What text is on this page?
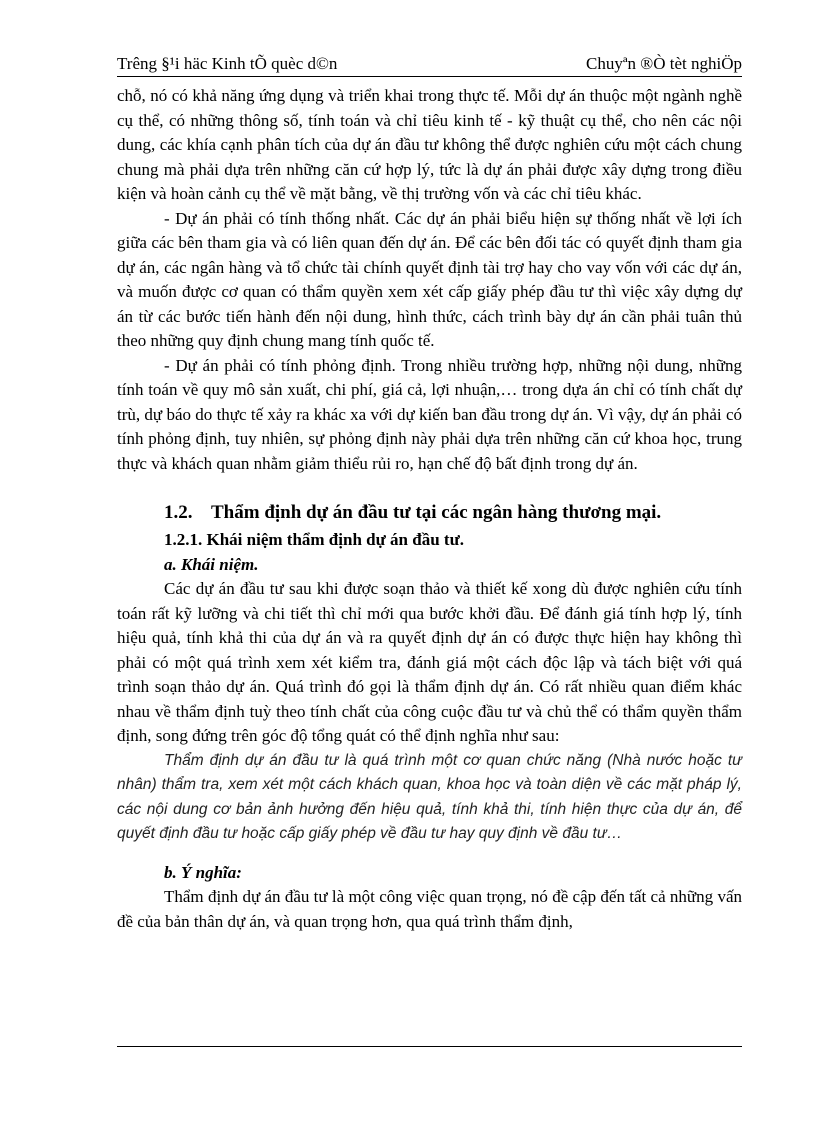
Trêng §¹i häc Kinh tÕ quèc d©n	Chuyªn ®Ò tèt nghiÖp

chỗ, nó có khả năng ứng dụng và triển khai trong thực tế. Mỗi dự án thuộc một ngành nghề cụ thể, có những thông số, tính toán và chỉ tiêu kinh tế - kỹ thuật cụ thể, cho nên các nội dung, các khía cạnh phân tích của dự án đầu tư không thể được nghiên cứu một cách chung chung mà phải dựa trên những căn cứ hợp lý, tức là dự án phải được xây dựng trong điều kiện và hoàn cảnh cụ thể về mặt bằng, về thị trường vốn và các chỉ tiêu khác.

- Dự án phải có tính thống nhất. Các dự án phải biểu hiện sự thống nhất về lợi ích giữa các bên tham gia và có liên quan đến dự án. Để các bên đối tác có quyết định tham gia dự án, các ngân hàng và tổ chức tài chính quyết định tài trợ hay cho vay vốn với các dự án, và muốn được cơ quan có thẩm quyền xem xét cấp giấy phép đầu tư thì việc xây dựng dự án từ các bước tiến hành đến nội dung, hình thức, cách trình bày dự án cần phải tuân thủ theo những quy định chung mang tính quốc tế.

- Dự án phải có tính phỏng định. Trong nhiều trường hợp, những nội dung, những tính toán về quy mô sản xuất, chi phí, giá cả, lợi nhuận,… trong dựa án chỉ có tính chất dự trù, dự báo do thực tế xảy ra khác xa với dự kiến ban đầu trong dự án. Vì vậy, dự án phải có tính phỏng định, tuy nhiên, sự phỏng định này phải dựa trên những căn cứ khoa học, trung thực và khách quan nhằm giảm thiểu rủi ro, hạn chế độ bất định trong dự án.

1.2. Thẩm định dự án đầu tư tại các ngân hàng thương mại.
1.2.1. Khái niệm thẩm định dự án đầu tư.
a. Khái niệm.

Các dự án đầu tư sau khi được soạn thảo và thiết kế xong dù được nghiên cứu tính toán rất kỹ lưỡng và chi tiết thì chỉ mới qua bước khởi đầu. Để đánh giá tính hợp lý, tính hiệu quả, tính khả thi của dự án và ra quyết định dự án có được thực hiện hay không thì phải có một quá trình xem xét kiểm tra, đánh giá một cách độc lập và tách biệt với quá trình soạn thảo dự án. Quá trình đó gọi là thẩm định dự án. Có rất nhiều quan điểm khác nhau về thẩm định tuỳ theo tính chất của công cuộc đầu tư và chủ thể có thẩm quyền thẩm định, song đứng trên góc độ tổng quát có thể định nghĩa như sau:

Thẩm định dự án đầu tư là quá trình một cơ quan chức năng (Nhà nước hoặc tư nhân) thẩm tra, xem xét một cách khách quan, khoa học và toàn diện về các mặt pháp lý, các nội dung cơ bản ảnh hưởng đến hiệu quả, tính khả thi, tính hiện thực của dự án, để quyết định đầu tư hoặc cấp giấy phép về đầu tư hay quy định về đầu tư…

b. Ý nghĩa:

Thẩm định dự án đầu tư là một công việc quan trọng, nó đề cập đến tất cả những vấn đề của bản thân dự án, và quan trọng hơn, qua quá trình thẩm định,
